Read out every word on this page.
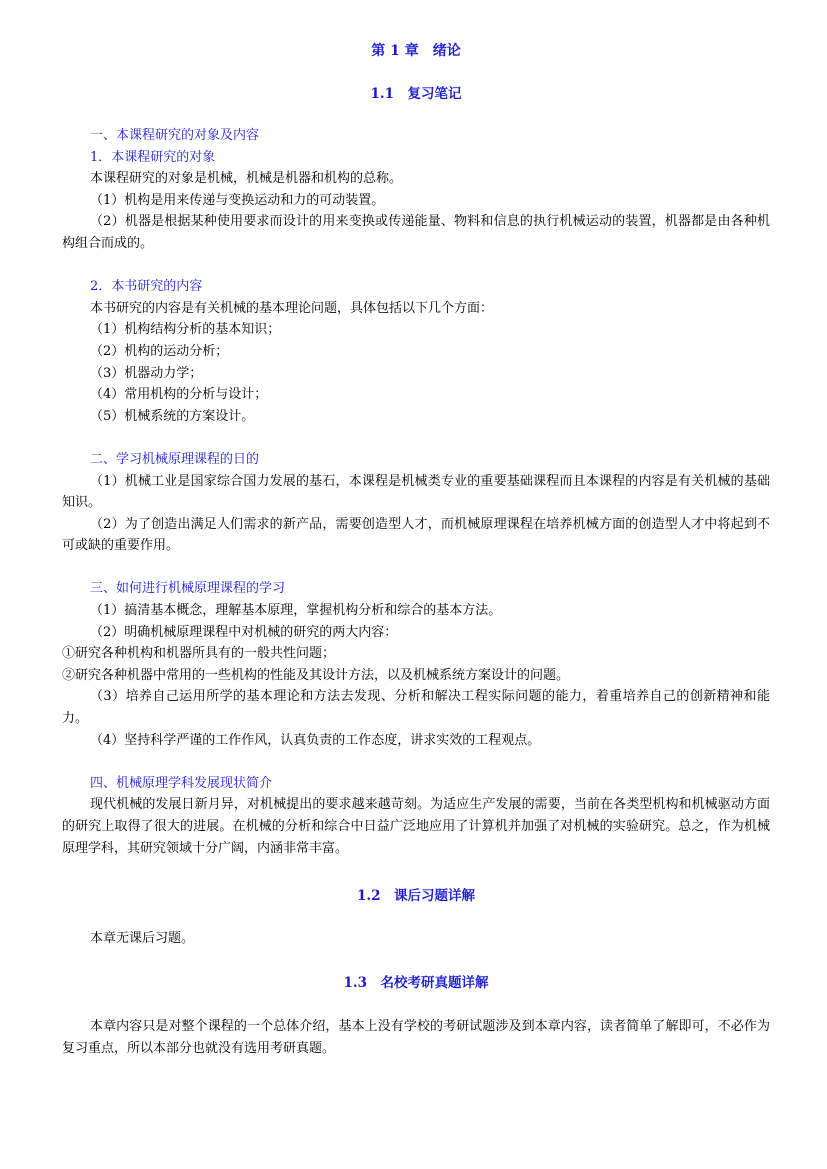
第 1 章　绪论
1.1　复习笔记

一、本课程研究的对象及内容

1．本课程研究的对象

本课程研究的对象是机械，机械是机器和机构的总称。

（1）机构是用来传递与变换运动和力的可动装置。

（2）机器是根据某种使用要求而设计的用来变换或传递能量、物料和信息的执行机械运动的装置，机器都是由各种机构组合而成的。

2．本书研究的内容

本书研究的内容是有关机械的基本理论问题，具体包括以下几个方面：

（1）机构结构分析的基本知识；

（2）机构的运动分析；

（3）机器动力学；

（4）常用机构的分析与设计；

（5）机械系统的方案设计。

二、学习机械原理课程的日的

（1）机械工业是国家综合国力发展的基石，本课程是机械类专业的重要基础课程而且本课程的内容是有关机械的基础知识。

（2）为了创造出满足人们需求的新产品，需要创造型人才，而机械原理课程在培养机械方面的创造型人才中将起到不可或缺的重要作用。

三、如何进行机械原理课程的学习

（1）搞清基本概念，理解基本原理，掌握机构分析和综合的基本方法。

（2）明确机械原理课程中对机械的研究的两大内容：

①研究各种机构和机器所具有的一般共性问题；

②研究各种机器中常用的一些机构的性能及其设计方法，以及机械系统方案设计的问题。

（3）培养自己运用所学的基本理论和方法去发现、分析和解决工程实际问题的能力，着重培养自己的创新精神和能力。

（4）坚持科学严谨的工作作风，认真负责的工作态度，讲求实效的工程观点。

四、机械原理学科发展现状简介

现代机械的发展日新月异，对机械提出的要求越来越苛刻。为适应生产发展的需要，当前在各类型机构和机械驱动方面的研究上取得了很大的进展。在机械的分析和综合中日益广泛地应用了计算机并加强了对机械的实验研究。总之，作为机械原理学科，其研究领域十分广阔，内涵非常丰富。

1.2　课后习题详解

本章无课后习题。

1.3　名校考研真题详解

本章内容只是对整个课程的一个总体介绍，基本上没有学校的考研试题涉及到本章内容，读者简单了解即可，不必作为复习重点，所以本部分也就没有选用考研真题。
